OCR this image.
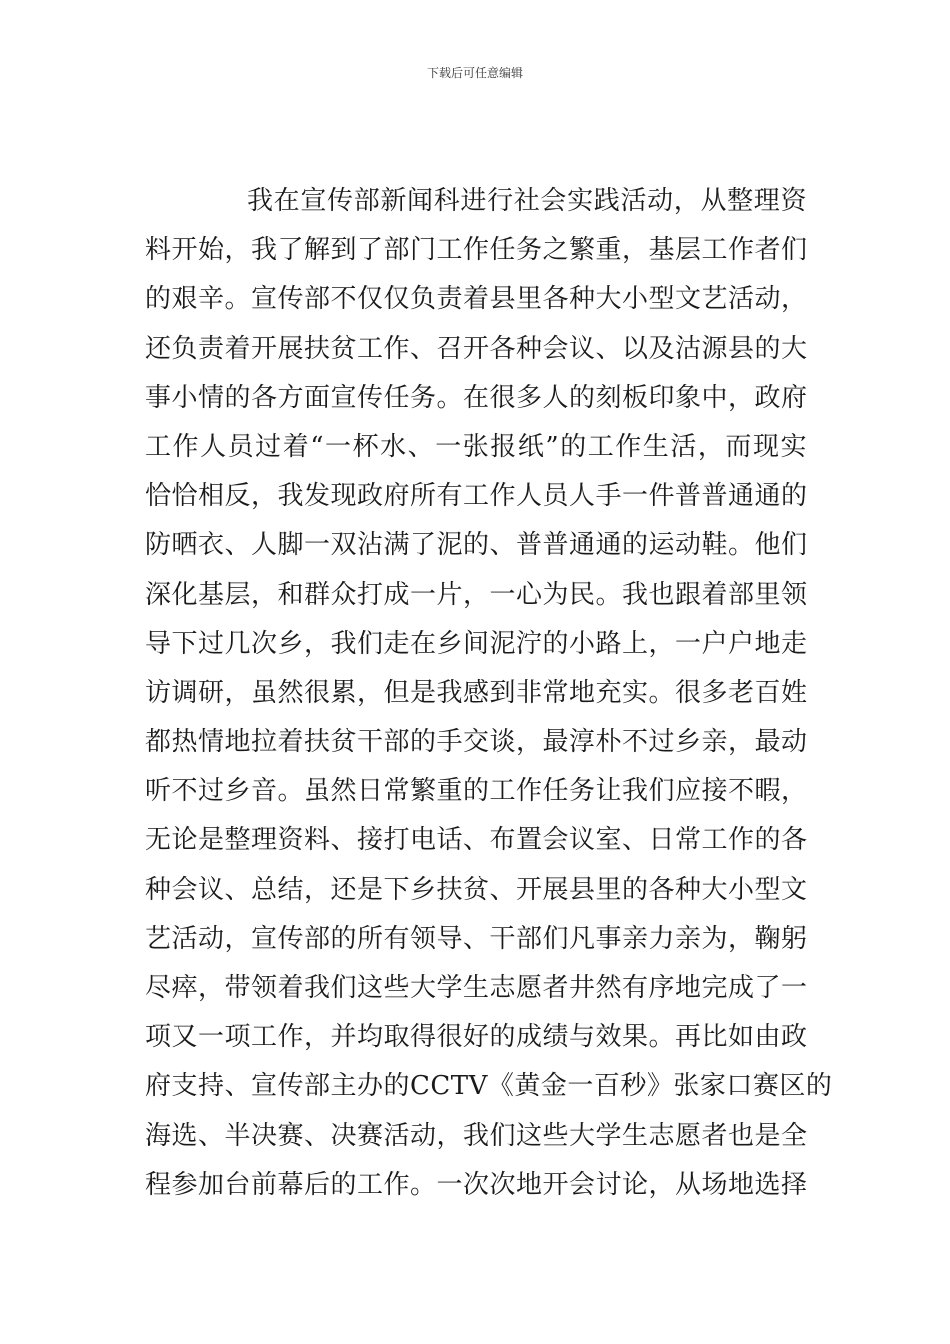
下载后可任意编辑
我在宣传部新闻科进行社会实践活动，从整理资
料开始，我了解到了部门工作任务之繁重，基层工作者们
的艰辛。宣传部不仅仅负责着县里各种大小型文艺活动，
还负责着开展扶贫工作、召开各种会议、以及沽源县的大
事小情的各方面宣传任务。在很多人的刻板印象中，政府
工作人员过着“一杯水、一张报纸”的工作生活，而现实
恰恰相反，我发现政府所有工作人员人手一件普普通通的
防晒衣、人脚一双沾满了泥的、普普通通的运动鞋。他们
深化基层，和群众打成一片，一心为民。我也跟着部里领
导下过几次乡，我们走在乡间泥泞的小路上，一户户地走
访调研，虽然很累，但是我感到非常地充实。很多老百姓
都热情地拉着扶贫干部的手交谈，最淳朴不过乡亲，最动
听不过乡音。虽然日常繁重的工作任务让我们应接不暇，
无论是整理资料、接打电话、布置会议室、日常工作的各
种会议、总结，还是下乡扶贫、开展县里的各种大小型文
艺活动，宣传部的所有领导、干部们凡事亲力亲为，鞠躬
尽瘁，带领着我们这些大学生志愿者井然有序地完成了一
项又一项工作，并均取得很好的成绩与效果。再比如由政
府支持、宣传部主办的CCTV《黄金一百秒》张家口赛区的
海选、半决赛、决赛活动，我们这些大学生志愿者也是全
程参加台前幕后的工作。一次次地开会讨论，从场地选择
